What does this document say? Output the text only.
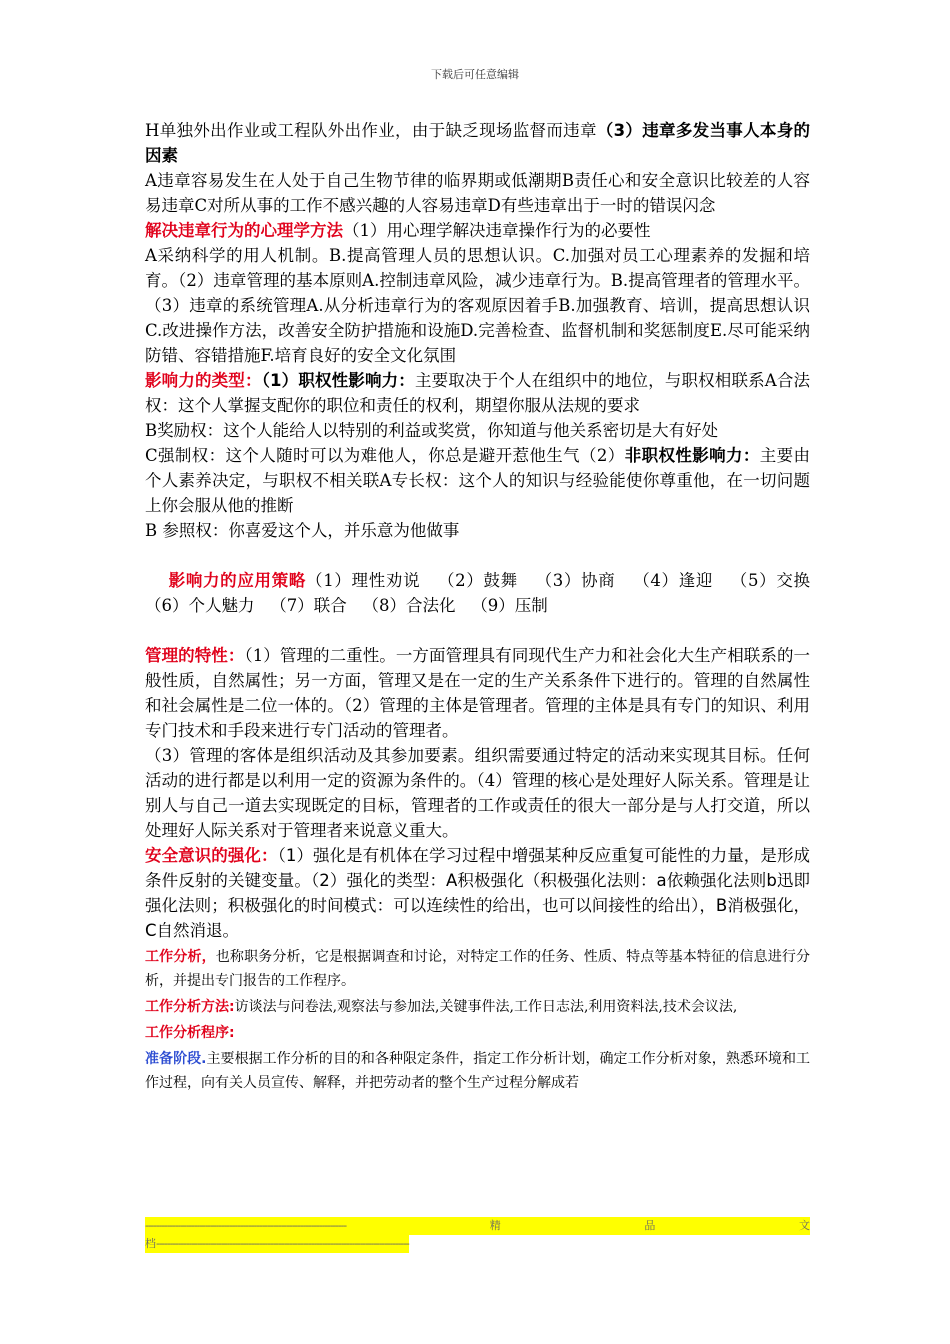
下载后可任意编辑

H单独外出作业或工程队外出作业，由于缺乏现场监督而违章（3）违章多发当事人本身的因素

A违章容易发生在人处于自己生物节律的临界期或低潮期B责任心和安全意识比较差的人容易违章C对所从事的工作不感兴趣的人容易违章D有些违章出于一时的错误闪念

解决违章行为的心理学方法（1）用心理学解决违章操作行为的必要性

A采纳科学的用人机制。B.提高管理人员的思想认识。C.加强对员工心理素养的发掘和培育。（2）违章管理的基本原则A.控制违章风险，减少违章行为。B.提高管理者的管理水平。（3）违章的系统管理A.从分析违章行为的客观原因着手B.加强教育、培训，提高思想认识C.改进操作方法，改善安全防护措施和设施D.完善检查、监督机制和奖惩制度E.尽可能采纳防错、容错措施F.培育良好的安全文化氛围

影响力的类型：（1）职权性影响力：主要取决于个人在组织中的地位，与职权相联系A合法权：这个人掌握支配你的职位和责任的权利，期望你服从法规的要求

B奖励权：这个人能给人以特别的利益或奖赏，你知道与他关系密切是大有好处

C强制权：这个人随时可以为难他人，你总是避开惹他生气（2）非职权性影响力：主要由个人素养决定，与职权不相关联A专长权：这个人的知识与经验能使你尊重他，在一切问题上你会服从他的推断

B 参照权：你喜爱这个人，并乐意为他做事

影响力的应用策略（1）理性劝说   （2）鼓舞   （3）协商   （4）逢迎   （5）交换   （6）个人魅力   （7）联合   （8）合法化   （9）压制

管理的特性：（1）管理的二重性。一方面管理具有同现代生产力和社会化大生产相联系的一般性质，自然属性；另一方面，管理又是在一定的生产关系条件下进行的。管理的自然属性和社会属性是二位一体的。（2）管理的主体是管理者。管理的主体是具有专门的知识、利用专门技术和手段来进行专门活动的管理者。

（3）管理的客体是组织活动及其参加要素。组织需要通过特定的活动来实现其目标。任何活动的进行都是以利用一定的资源为条件的。（4）管理的核心是处理好人际关系。管理是让别人与自己一道去实现既定的目标，管理者的工作或责任的很大一部分是与人打交道，所以处理好人际关系对于管理者来说意义重大。

安全意识的强化：（1）强化是有机体在学习过程中增强某种反应重复可能性的力量，是形成条件反射的关键变量。（2）强化的类型：A积极强化（积极强化法则：a依赖强化法则b迅即强化法则；积极强化的时间模式：可以连续性的给出，也可以间接性的给出），B消极强化，C自然消退。

工作分析，也称职务分析，它是根据调查和讨论，对特定工作的任务、性质、特点等基本特征的信息进行分析，并提出专门报告的工作程序。

工作分析方法:访谈法与问卷法,观察法与参加法,关键事件法,工作日志法,利用资料法,技术会议法,

工作分析程序:

准备阶段.主要根据工作分析的目的和各种限定条件，指定工作分析计划，确定工作分析对象，熟悉环境和工作过程，向有关人员宣传、解释，并把劳动者的整个生产过程分解成若

--------------------------------------------------------------------------	精	品	文
档---------------------------------------------------------------------------------------------
